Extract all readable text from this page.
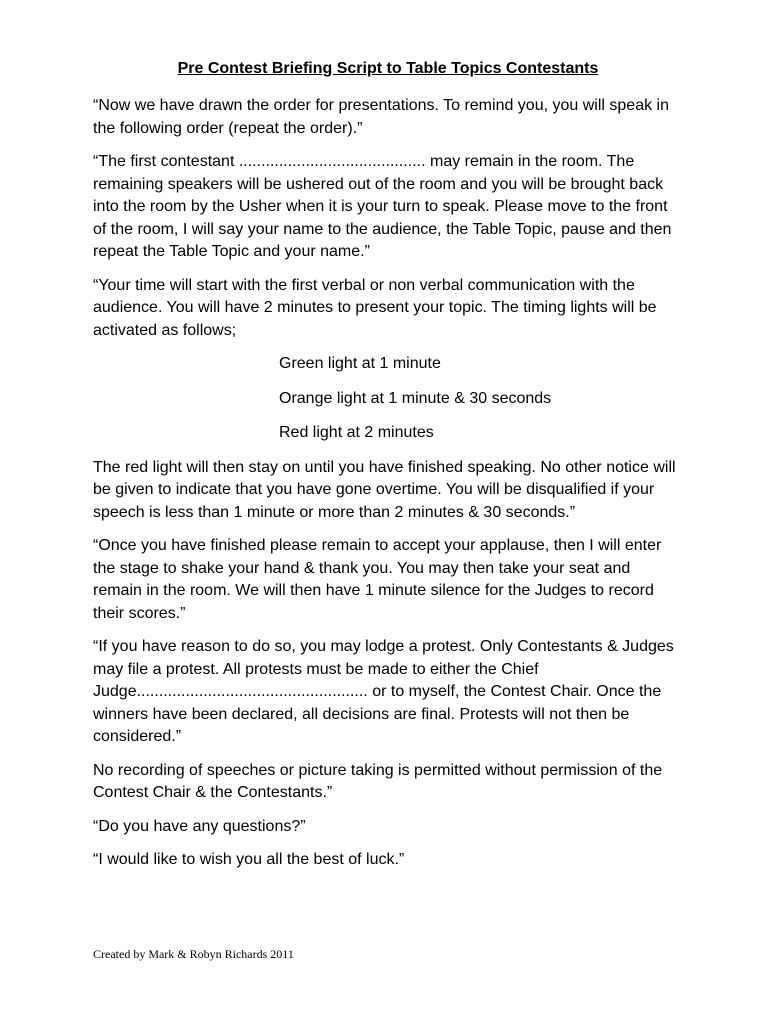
Pre Contest Briefing Script to Table Topics Contestants

“Now we have drawn the order for presentations. To remind you, you will speak in the following order (repeat the order).”

“The first contestant .......................................... may remain in the room. The remaining speakers will be ushered out of the room and you will be brought back into the room by the Usher when it is your turn to speak. Please move to the front of the room, I will say your name to the audience, the Table Topic, pause and then repeat the Table Topic and your name.”

“Your time will start with the first verbal or non verbal communication with the audience. You will have 2 minutes to present your topic. The timing lights will be activated as follows;

Green light at 1 minute
Orange light at 1 minute & 30 seconds
Red light at 2 minutes

The red light will then stay on until you have finished speaking. No other notice will be given to indicate that you have gone overtime. You will be disqualified if your speech is less than 1 minute or more than 2 minutes & 30 seconds.”

“Once you have finished please remain to accept your applause, then I will enter the stage to shake your hand & thank you. You may then take your seat and remain in the room. We will then have 1 minute silence for the Judges to record their scores.”

“If you have reason to do so, you may lodge a protest. Only Contestants & Judges may file a protest. All protests must be made to either the Chief Judge.................................................... or to myself, the Contest Chair. Once the winners have been declared, all decisions are final. Protests will not then be considered.”

No recording of speeches or picture taking is permitted without permission of the Contest Chair & the Contestants.”

“Do you have any questions?”

“I would like to wish you all the best of luck.”

Created by Mark & Robyn Richards 2011
